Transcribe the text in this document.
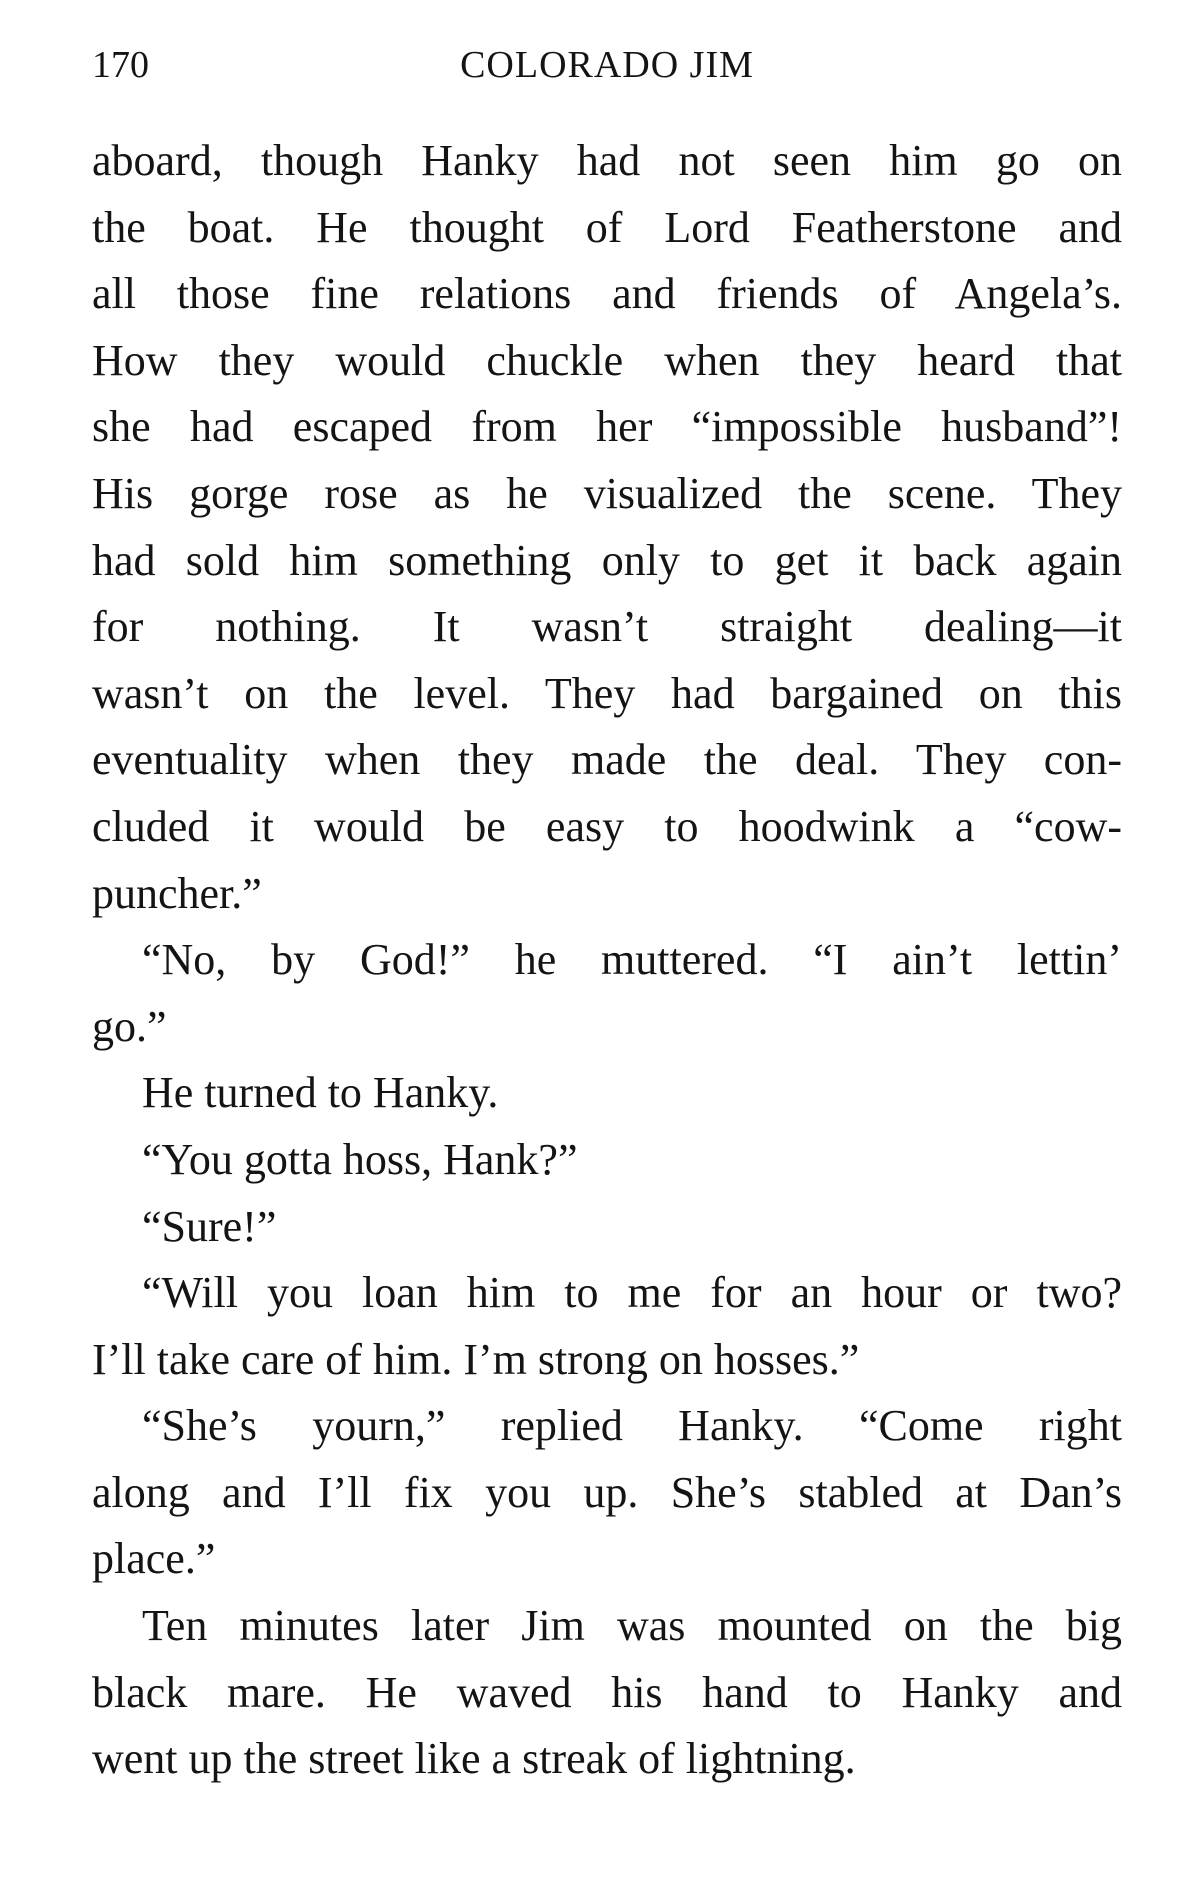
170	COLORADO JIM

aboard, though Hanky had not seen him go on
the boat. He thought of Lord Featherstone and
all those fine relations and friends of Angela’s.
How they would chuckle when they heard that
she had escaped from her “impossible husband”!
His gorge rose as he visualized the scene. They
had sold him something only to get it back again
for nothing. It wasn’t straight dealing—it
wasn’t on the level. They had bargained on this
eventuality when they made the deal. They con-
cluded it would be easy to hoodwink a “cow-
puncher.”

“No, by God!” he muttered. “I ain’t lettin’
go.”

He turned to Hanky.

“You gotta hoss, Hank?”

“Sure!”

“Will you loan him to me for an hour or two?
I’ll take care of him. I’m strong on hosses.”

“She’s yourn,” replied Hanky. “Come right
along and I’ll fix you up. She’s stabled at Dan’s
place.”

Ten minutes later Jim was mounted on the big
black mare. He waved his hand to Hanky and
went up the street like a streak of lightning.
